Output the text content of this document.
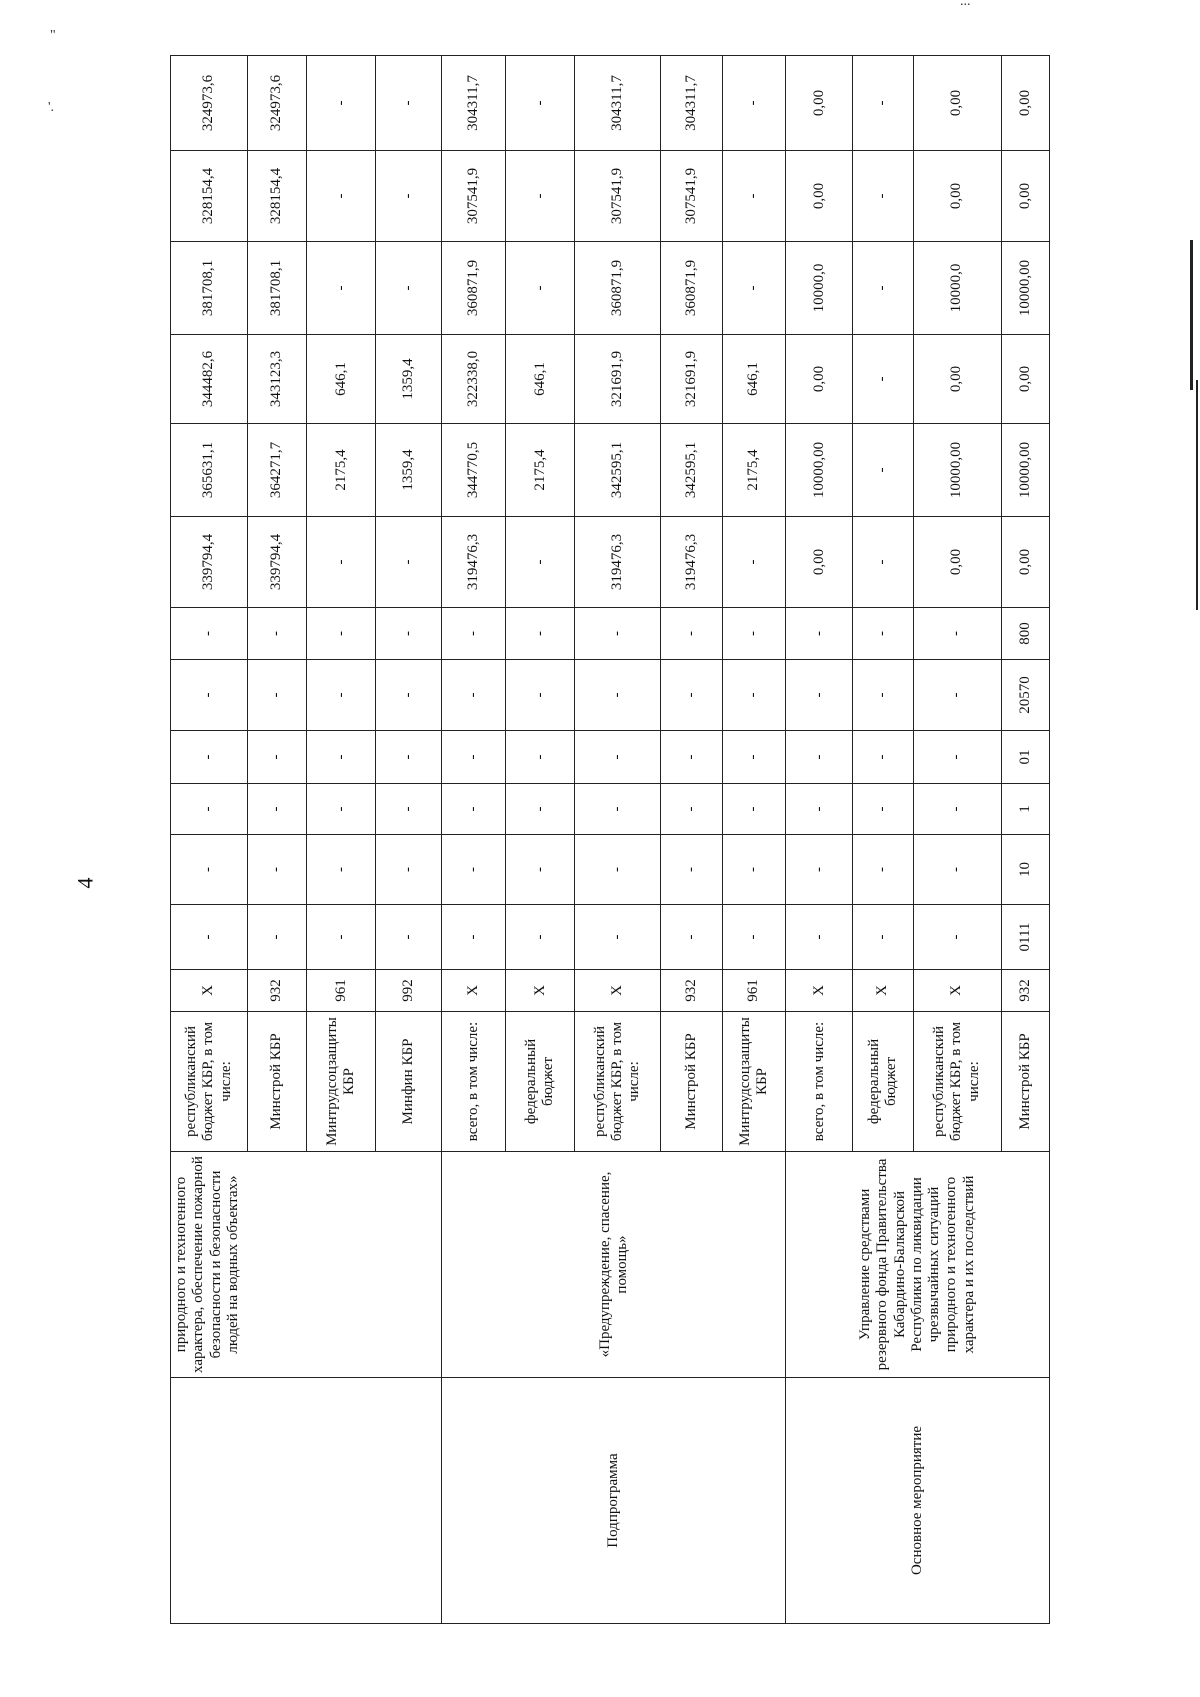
4
"
'.
...
	природного и техногенного характера, обеспечение пожарной безопасности и безопасности людей на водных объектах»	республиканский бюджет КБР, в том числе:	X	-	-	-	-	-	-	339794,4	365631,1	344482,6	381708,1	328154,4	324973,6
		Минстрой КБР	932	-	-	-	-	-	-	339794,4	364271,7	343123,3	381708,1	328154,4	324973,6
		Минтрудсоцзащиты КБР	961	-	-	-	-	-	-	-	2175,4	646,1	-	-	-
		Минфин КБР	992	-	-	-	-	-	-	-	1359,4	1359,4	-	-	-
Подпрограмма	«Предупреждение, спасение, помощь»	всего, в том числе:	X	-	-	-	-	-	-	319476,3	344770,5	322338,0	360871,9	307541,9	304311,7
		федеральный бюджет	X	-	-	-	-	-	-	-	2175,4	646,1	-	-	-
		республиканский бюджет КБР, в том числе:	X	-	-	-	-	-	-	319476,3	342595,1	321691,9	360871,9	307541,9	304311,7
		Минстрой КБР	932	-	-	-	-	-	-	319476,3	342595,1	321691,9	360871,9	307541,9	304311,7
		Минтрудсоцзащиты КБР	961	-	-	-	-	-	-	-	2175,4	646,1	-	-	-
Основное мероприятие	Управление средствами резервного фонда Правительства Кабардино-Балкарской Республики по ликвидации чрезвычайных ситуаций природного и техногенного характера и их последствий	всего, в том числе:	X	-	-	-	-	-	-	0,00	10000,00	0,00	10000,0	0,00	0,00
		федеральный бюджет	X	-	-	-	-	-	-	-	-	-	-	-	-
		республиканский бюджет КБР, в том числе:	X	-	-	-	-	-	-	0,00	10000,00	0,00	10000,0	0,00	0,00
		Минстрой КБР	932	0111	10	1	01	20570	800	0,00	10000,00	0,00	10000,00	0,00	0,00
